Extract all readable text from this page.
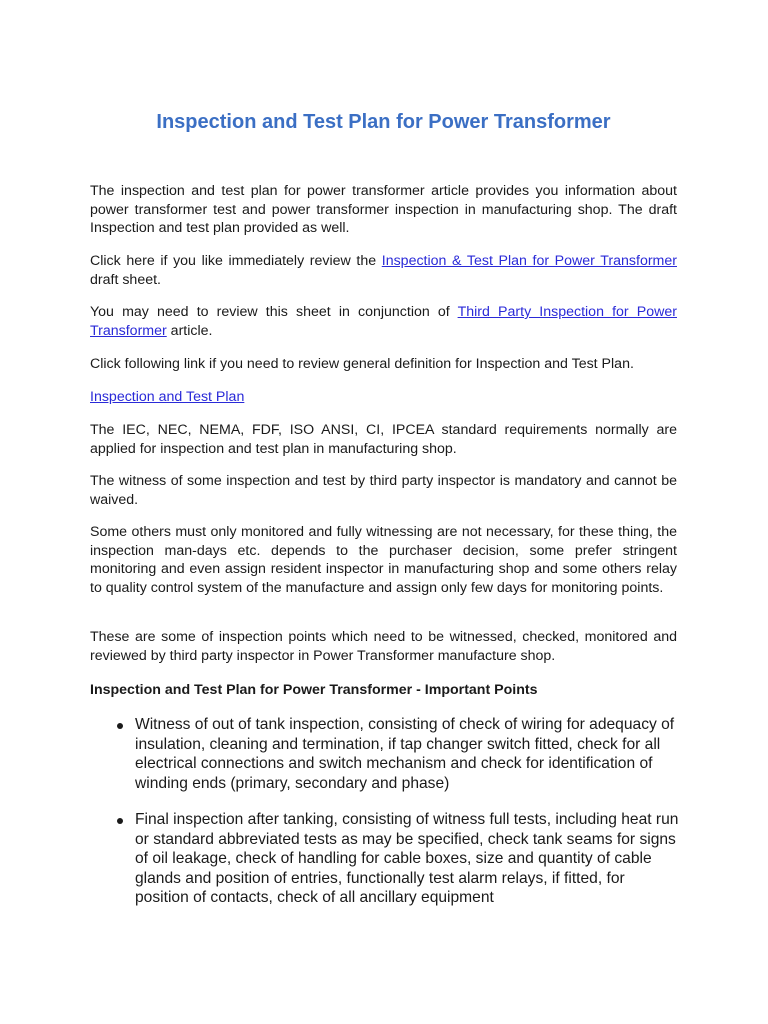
Inspection and Test Plan for Power Transformer

The inspection and test plan for power transformer article provides you information about power transformer test and power transformer inspection in manufacturing shop. The draft Inspection and test plan provided as well.

Click here if you like immediately review the Inspection & Test Plan for Power Transformer draft sheet.

You may need to review this sheet in conjunction of Third Party Inspection for Power Transformer article.

Click following link if you need to review general definition for Inspection and Test Plan.

Inspection and Test Plan

The IEC, NEC, NEMA, FDF, ISO ANSI, CI, IPCEA standard requirements normally are applied for inspection and test plan in manufacturing shop.

The witness of some inspection and test by third party inspector is mandatory and cannot be waived.

Some others must only monitored and fully witnessing are not necessary, for these thing, the inspection man-days etc. depends to the purchaser decision, some prefer stringent monitoring and even assign resident inspector in manufacturing shop and some others relay to quality control system of the manufacture and assign only few days for monitoring points.

These are some of inspection points which need to be witnessed, checked, monitored and reviewed by third party inspector in Power Transformer manufacture shop.

Inspection and Test Plan for Power Transformer - Important Points

Witness of out of tank inspection, consisting of check of wiring for adequacy of insulation, cleaning and termination, if tap changer switch fitted, check for all electrical connections and switch mechanism and check for identification of winding ends (primary, secondary and phase)
Final inspection after tanking, consisting of witness full tests, including heat run or standard abbreviated tests as may be specified, check tank seams for signs of oil leakage, check of handling for cable boxes, size and quantity of cable glands and position of entries, functionally test alarm relays, if fitted, for position of contacts, check of all ancillary equipment
